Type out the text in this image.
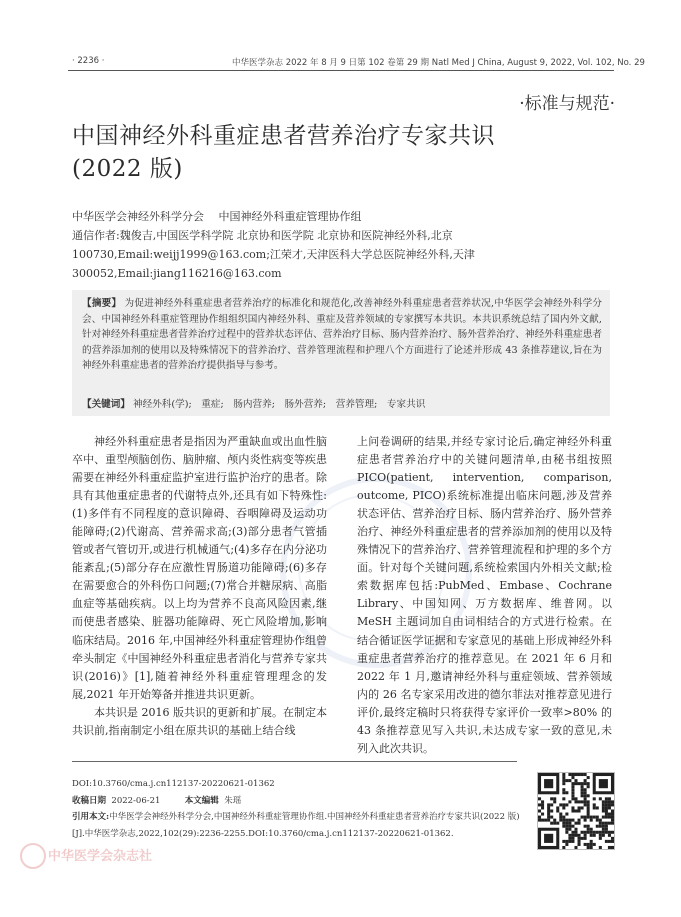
· 2236 ·	中华医学杂志 2022 年 8 月 9 日第 102 卷第 29 期 Natl Med J China, August 9, 2022, Vol. 102, No. 29
·标准与规范·
中国神经外科重症患者营养治疗专家共识
(2022 版)
中华医学会神经外科学分会　 中国神经外科重症管理协作组
通信作者:魏俊吉,中国医学科学院 北京协和医学院 北京协和医院神经外科,北京
100730,Email:weijj1999@163.com;江荣才,天津医科大学总医院神经外科,天津
300052,Email:jiang116216@163.com
【摘要】 为促进神经外科重症患者营养治疗的标准化和规范化,改善神经外科重症患者营养状况,中华医学会神经外科学分会、中国神经外科重症管理协作组组织国内神经外科、重症及营养领域的专家撰写本共识。本共识系统总结了国内外文献,针对神经外科重症患者营养治疗过程中的营养状态评估、营养治疗目标、肠内营养治疗、肠外营养治疗、神经外科重症患者的营养添加剂的使用以及特殊情况下的营养治疗、营养管理流程和护理八个方面进行了论述并形成 43 条推荐建议,旨在为神经外科重症患者的营养治疗提供指导与参考。
【关键词】 神经外科(学);　重症;　肠内营养;　肠外营养;　营养管理;　专家共识

神经外科重症患者是指因为严重缺血或出血性脑卒中、重型颅脑创伤、脑肿瘤、颅内炎性病变等疾患需要在神经外科重症监护室进行监护治疗的患者。除具有其他重症患者的代谢特点外,还具有如下特殊性:(1)多伴有不同程度的意识障碍、吞咽障碍及运动功能障碍;(2)代谢高、营养需求高;(3)部分患者气管插管或者气管切开,或进行机械通气;(4)多存在内分泌功能紊乱;(5)部分存在应激性胃肠道功能障碍;(6)多存在需要愈合的外科伤口问题;(7)常合并糖尿病、高脂血症等基础疾病。以上均为营养不良高风险因素,继而使患者感染、脏器功能障碍、死亡风险增加,影响临床结局。2016 年,中国神经外科重症管理协作组曾牵头制定《中国神经外科重症患者消化与营养专家共识(2016)》[1],随着神经外科重症管理理念的发展,2021 年开始筹备并推进共识更新。

本共识是 2016 版共识的更新和扩展。在制定本共识前,指南制定小组在原共识的基础上结合线

上问卷调研的结果,并经专家讨论后,确定神经外科重症患者营养治疗中的关键问题清单,由秘书组按照 PICO(patient, intervention, comparison, outcome, PICO)系统标准提出临床问题,涉及营养状态评估、营养治疗目标、肠内营养治疗、肠外营养治疗、神经外科重症患者的营养添加剂的使用以及特殊情况下的营养治疗、营养管理流程和护理的多个方面。针对每个关键问题,系统检索国内外相关文献;检索数据库包括:PubMed、Embase、Cochrane Library、中国知网、万方数据库、维普网。以 MeSH 主题词加自由词相结合的方式进行检索。在结合循证医学证据和专家意见的基础上形成神经外科重症患者营养治疗的推荐意见。在 2021 年 6 月和 2022 年 1 月,邀请神经外科与重症领域、营养领域内的 26 名专家采用改进的德尔菲法对推荐意见进行评价,最终定稿时只将获得专家评价一致率>80% 的 43 条推荐意见写入共识,未达成专家一致的意见,未列入此次共识。

DOI:10.3760/cma.j.cn112137-20220621-01362
收稿日期 2022-06-21	本文编辑 朱瑶
引用本文:中华医学会神经外科学分会,中国神经外科重症管理协作组.中国神经外科重症患者营养治疗专家共识(2022 版)[J].中华医学杂志,2022,102(29):2236-2255.DOI:10.3760/cma.j.cn112137-20220621-01362.
中华医学会杂志社
